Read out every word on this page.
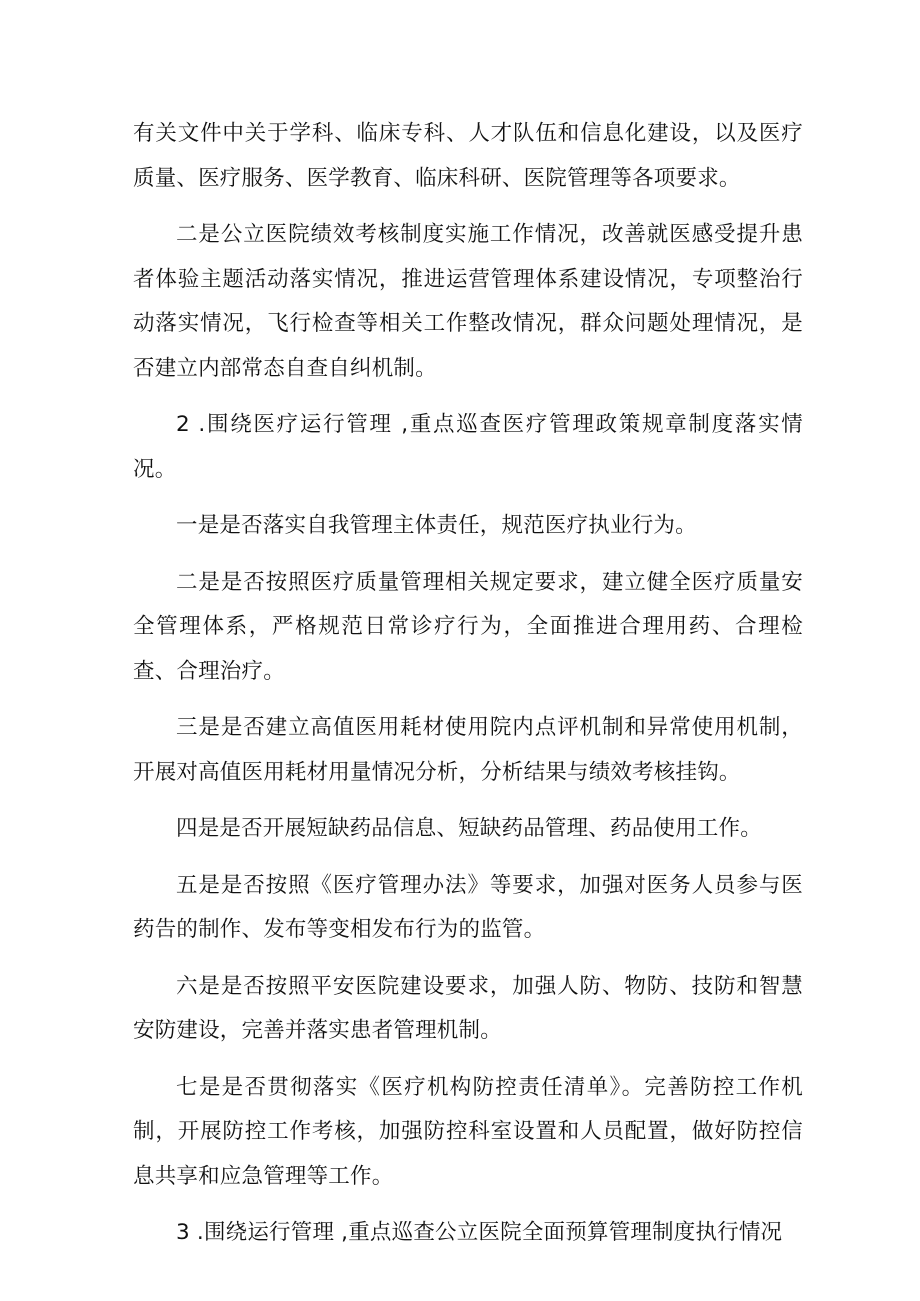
有关文件中关于学科、临床专科、人才队伍和信息化建设，以及医疗质量、医疗服务、医学教育、临床科研、医院管理等各项要求。

二是公立医院绩效考核制度实施工作情况，改善就医感受提升患者体验主题活动落实情况，推进运营管理体系建设情况，专项整治行动落实情况，飞行检查等相关工作整改情况，群众问题处理情况，是否建立内部常态自查自纠机制。

2 .围绕医疗运行管理 ,重点巡查医疗管理政策规章制度落实情况。

一是是否落实自我管理主体责任，规范医疗执业行为。

二是是否按照医疗质量管理相关规定要求，建立健全医疗质量安全管理体系，严格规范日常诊疗行为，全面推进合理用药、合理检查、合理治疗。

三是是否建立高值医用耗材使用院内点评机制和异常使用机制，开展对高值医用耗材用量情况分析，分析结果与绩效考核挂钩。

四是是否开展短缺药品信息、短缺药品管理、药品使用工作。

五是是否按照《医疗管理办法》等要求，加强对医务人员参与医药告的制作、发布等变相发布行为的监管。

六是是否按照平安医院建设要求，加强人防、物防、技防和智慧安防建设，完善并落实患者管理机制。

七是是否贯彻落实《医疗机构防控责任清单》。完善防控工作机制，开展防控工作考核，加强防控科室设置和人员配置，做好防控信息共享和应急管理等工作。

3 .围绕运行管理 ,重点巡查公立医院全面预算管理制度执行情况
